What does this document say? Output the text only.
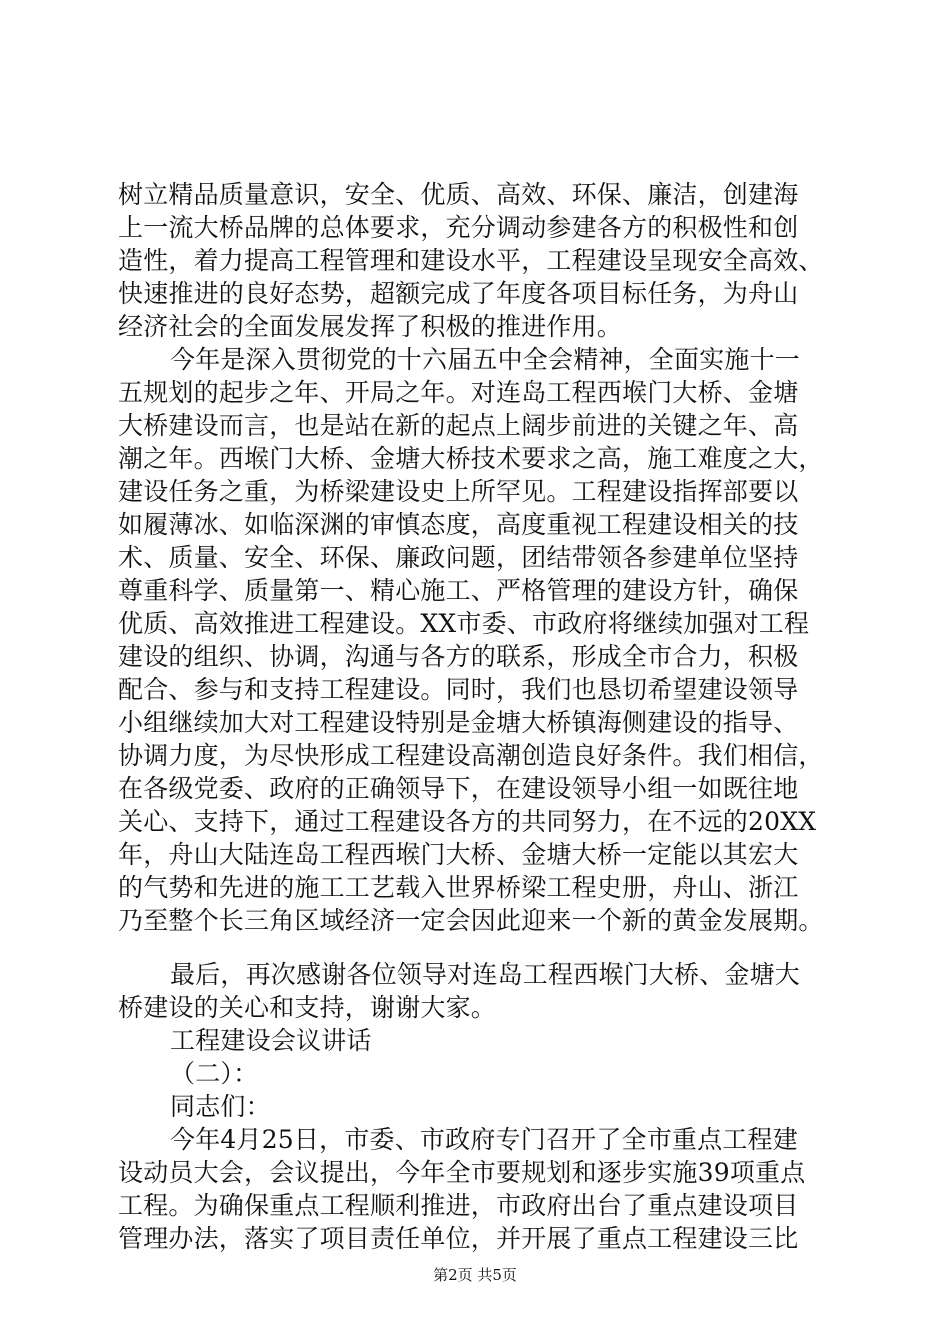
树立精品质量意识，安全、优质、高效、环保、廉洁，创建海
上一流大桥品牌的总体要求，充分调动参建各方的积极性和创
造性，着力提高工程管理和建设水平，工程建设呈现安全高效、
快速推进的良好态势，超额完成了年度各项目标任务，为舟山
经济社会的全面发展发挥了积极的推进作用。
今年是深入贯彻党的十六届五中全会精神，全面实施十一
五规划的起步之年、开局之年。对连岛工程西堠门大桥、金塘
大桥建设而言，也是站在新的起点上阔步前进的关键之年、高
潮之年。西堠门大桥、金塘大桥技术要求之高，施工难度之大，
建设任务之重，为桥梁建设史上所罕见。工程建设指挥部要以
如履薄冰、如临深渊的审慎态度，高度重视工程建设相关的技
术、质量、安全、环保、廉政问题，团结带领各参建单位坚持
尊重科学、质量第一、精心施工、严格管理的建设方针，确保
优质、高效推进工程建设。XX市委、市政府将继续加强对工程
建设的组织、协调，沟通与各方的联系，形成全市合力，积极
配合、参与和支持工程建设。同时，我们也恳切希望建设领导
小组继续加大对工程建设特别是金塘大桥镇海侧建设的指导、
协调力度，为尽快形成工程建设高潮创造良好条件。我们相信，
在各级党委、政府的正确领导下，在建设领导小组一如既往地
关心、支持下，通过工程建设各方的共同努力，在不远的20XX
年，舟山大陆连岛工程西堠门大桥、金塘大桥一定能以其宏大
的气势和先进的施工工艺载入世界桥梁工程史册，舟山、浙江
乃至整个长三角区域经济一定会因此迎来一个新的黄金发展期。
最后，再次感谢各位领导对连岛工程西堠门大桥、金塘大
桥建设的关心和支持，谢谢大家。
工程建设会议讲话
（二）：
同志们：
今年4月25日，市委、市政府专门召开了全市重点工程建
设动员大会，会议提出，今年全市要规划和逐步实施39项重点
工程。为确保重点工程顺利推进，市政府出台了重点建设项目
管理办法，落实了项目责任单位，并开展了重点工程建设三比
第2页 共5页
